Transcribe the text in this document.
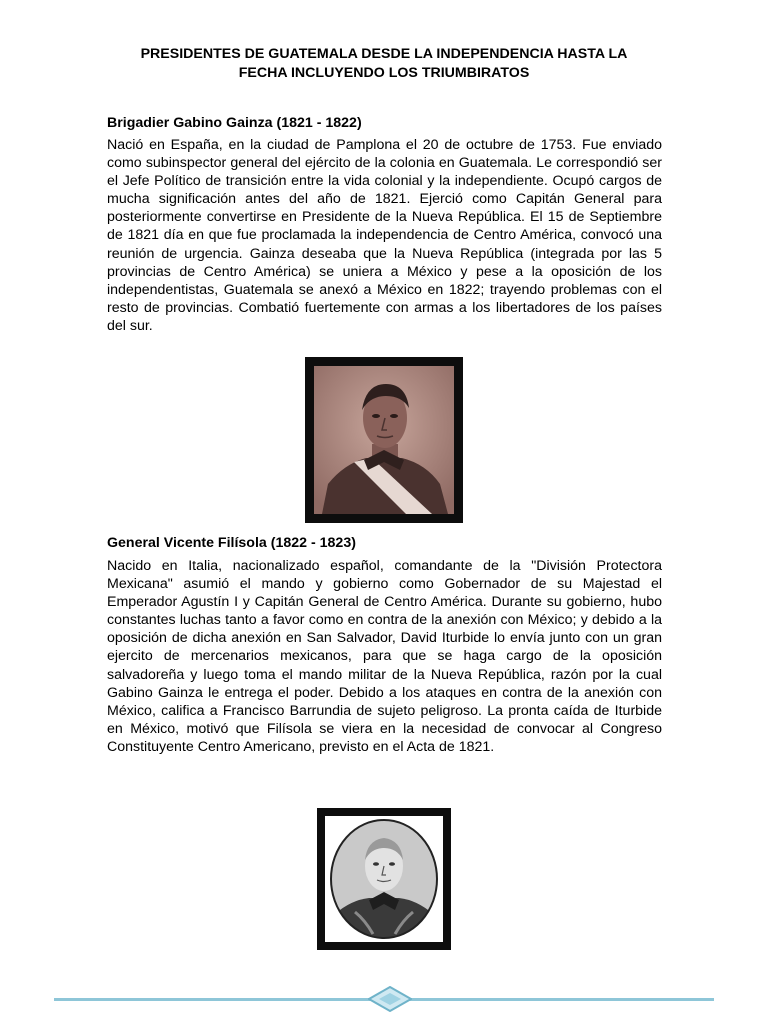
PRESIDENTES DE GUATEMALA DESDE LA INDEPENDENCIA HASTA LA
FECHA INCLUYENDO LOS TRIUMBIRATOS
Brigadier Gabino Gainza (1821 - 1822)
Nació en España, en la ciudad de Pamplona el 20 de octubre de 1753. Fue enviado como subinspector general del ejército de la colonia en Guatemala. Le correspondió ser el Jefe Político de transición entre la vida colonial y la independiente. Ocupó cargos de mucha significación antes del año de 1821. Ejerció como Capitán General para posteriormente convertirse en Presidente de la Nueva República. El 15 de Septiembre de 1821 día en que fue proclamada la independencia de Centro América, convocó una reunión de urgencia. Gainza deseaba que la Nueva República (integrada por las 5 provincias de Centro América) se uniera a México y pese a la oposición de los independentistas, Guatemala se anexó a México en 1822; trayendo problemas con el resto de provincias. Combatió fuertemente con armas a los libertadores de los países del sur.
General Vicente Filísola (1822 - 1823)
Nacido en Italia, nacionalizado español, comandante de la "División Protectora Mexicana" asumió el mando y gobierno como Gobernador de su Majestad el Emperador Agustín I y Capitán General de Centro América. Durante su gobierno, hubo constantes luchas tanto a favor como en contra de la anexión con México; y debido a la oposición de dicha anexión en San Salvador, David Iturbide lo envía junto con un gran ejercito de mercenarios mexicanos, para que se haga cargo de la oposición salvadoreña y luego toma el mando militar de la Nueva República, razón por la cual Gabino Gainza le entrega el poder. Debido a los ataques en contra de la anexión con México, califica a Francisco Barrundia de sujeto peligroso. La pronta caída de Iturbide en México, motivó que Filísola se viera en la necesidad de convocar al Congreso Constituyente Centro Americano, previsto en el Acta de 1821.
